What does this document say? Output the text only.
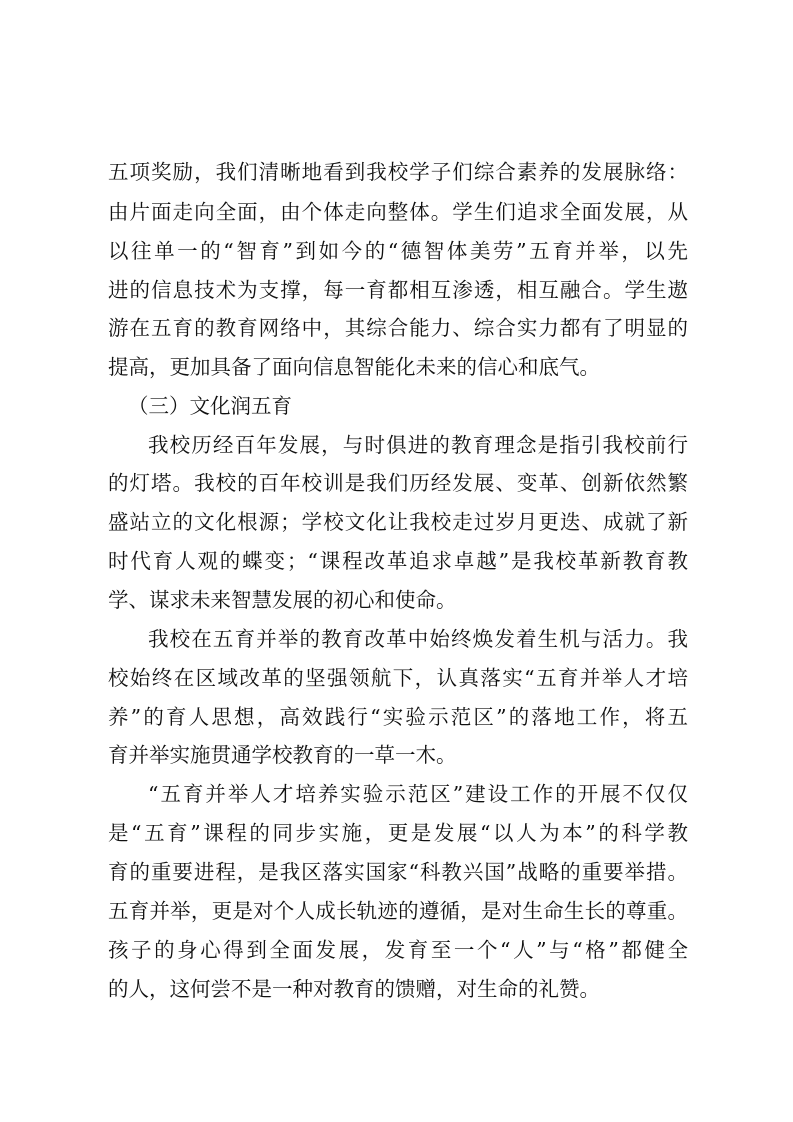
五项奖励，我们清晰地看到我校学子们综合素养的发展脉络：
由片面走向全面，由个体走向整体。学生们追求全面发展，从
以往单一的“智育”到如今的“德智体美劳”五育并举，以先
进的信息技术为支撑，每一育都相互渗透，相互融合。学生遨
游在五育的教育网络中，其综合能力、综合实力都有了明显的
提高，更加具备了面向信息智能化未来的信心和底气。
（三）文化润五育
我校历经百年发展，与时俱进的教育理念是指引我校前行
的灯塔。我校的百年校训是我们历经发展、变革、创新依然繁
盛站立的文化根源；学校文化让我校走过岁月更迭、成就了新
时代育人观的蝶变；“课程改革追求卓越”是我校革新教育教
学、谋求未来智慧发展的初心和使命。
我校在五育并举的教育改革中始终焕发着生机与活力。我
校始终在区域改革的坚强领航下，认真落实“五育并举人才培
养”的育人思想，高效践行“实验示范区”的落地工作，将五
育并举实施贯通学校教育的一草一木。
“五育并举人才培养实验示范区”建设工作的开展不仅仅
是“五育”课程的同步实施，更是发展“以人为本”的科学教
育的重要进程，是我区落实国家“科教兴国”战略的重要举措。
五育并举，更是对个人成长轨迹的遵循，是对生命生长的尊重。
孩子的身心得到全面发展，发育至一个“人”与“格”都健全
的人，这何尝不是一种对教育的馈赠，对生命的礼赞。
